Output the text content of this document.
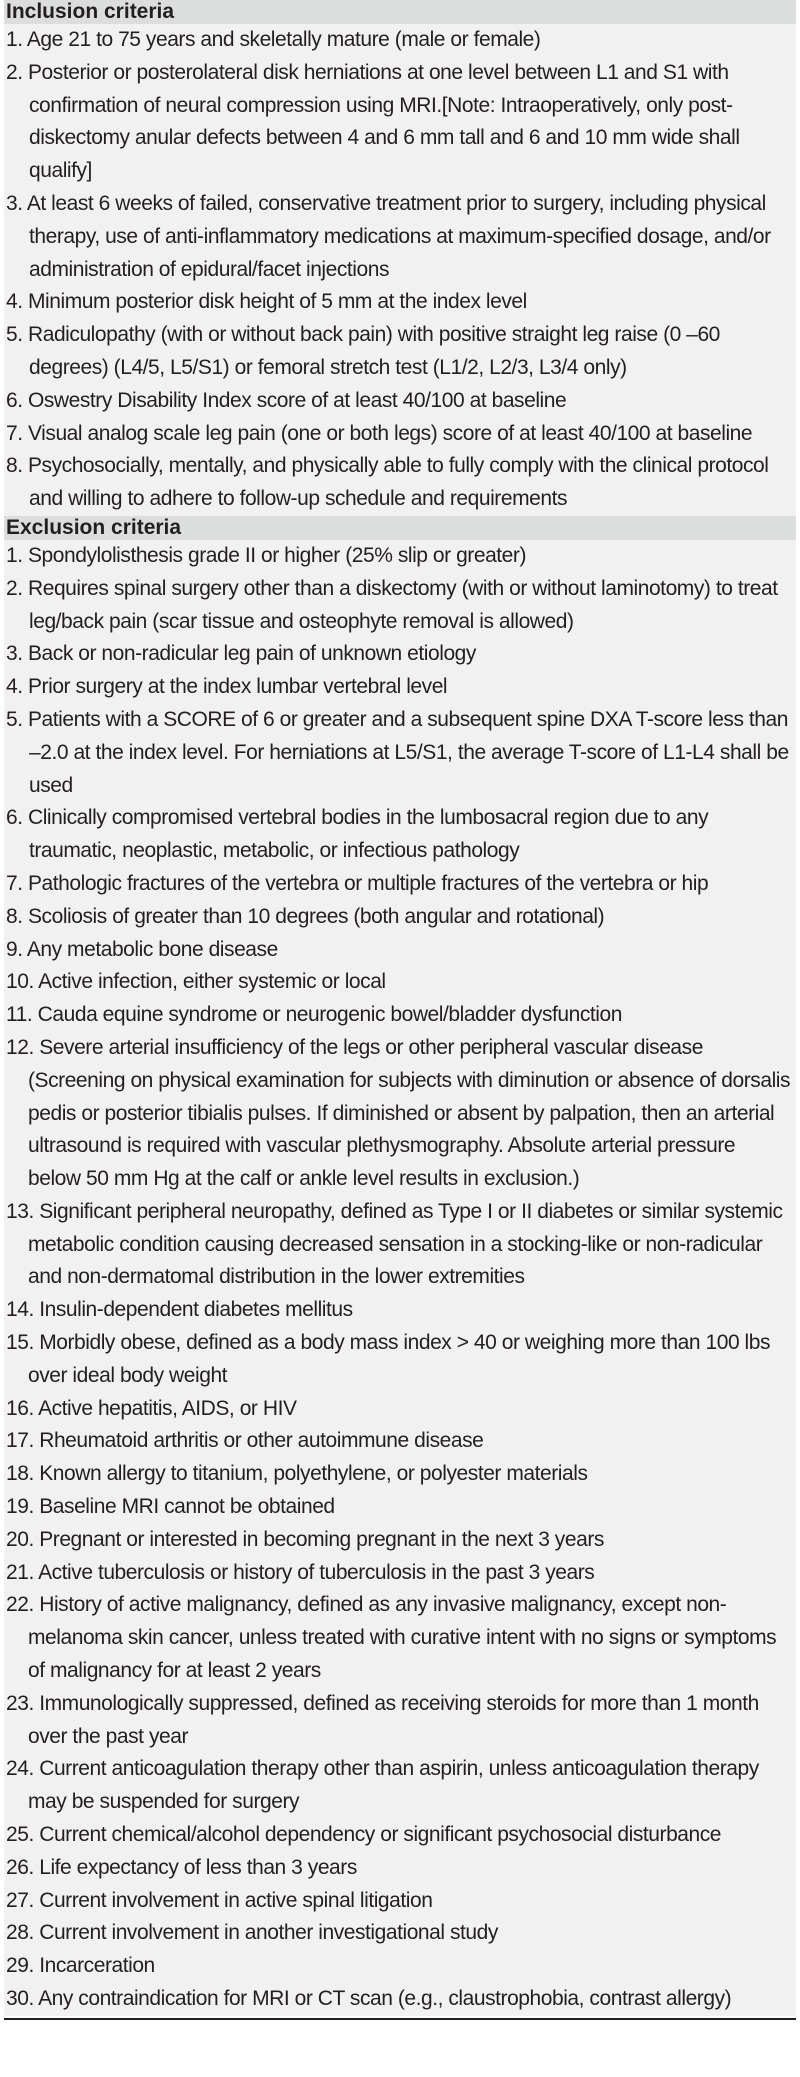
Inclusion criteria
1. Age 21 to 75 years and skeletally mature (male or female)
2. Posterior or posterolateral disk herniations at one level between L1 and S1 with confirmation of neural compression using MRI.[Note: Intraoperatively, only post-diskectomy anular defects between 4 and 6 mm tall and 6 and 10 mm wide shall qualify]
3. At least 6 weeks of failed, conservative treatment prior to surgery, including physical therapy, use of anti-inflammatory medications at maximum-specified dosage, and/or administration of epidural/facet injections
4. Minimum posterior disk height of 5 mm at the index level
5. Radiculopathy (with or without back pain) with positive straight leg raise (0 –60 degrees) (L4/5, L5/S1) or femoral stretch test (L1/2, L2/3, L3/4 only)
6. Oswestry Disability Index score of at least 40/100 at baseline
7. Visual analog scale leg pain (one or both legs) score of at least 40/100 at baseline
8. Psychosocially, mentally, and physically able to fully comply with the clinical protocol and willing to adhere to follow-up schedule and requirements
Exclusion criteria
1. Spondylolisthesis grade II or higher (25% slip or greater)
2. Requires spinal surgery other than a diskectomy (with or without laminotomy) to treat leg/back pain (scar tissue and osteophyte removal is allowed)
3. Back or non-radicular leg pain of unknown etiology
4. Prior surgery at the index lumbar vertebral level
5. Patients with a SCORE of 6 or greater and a subsequent spine DXA T-score less than –2.0 at the index level. For herniations at L5/S1, the average T-score of L1-L4 shall be used
6. Clinically compromised vertebral bodies in the lumbosacral region due to any traumatic, neoplastic, metabolic, or infectious pathology
7. Pathologic fractures of the vertebra or multiple fractures of the vertebra or hip
8. Scoliosis of greater than 10 degrees (both angular and rotational)
9. Any metabolic bone disease
10. Active infection, either systemic or local
11. Cauda equine syndrome or neurogenic bowel/bladder dysfunction
12. Severe arterial insufficiency of the legs or other peripheral vascular disease (Screening on physical examination for subjects with diminution or absence of dorsalis pedis or posterior tibialis pulses. If diminished or absent by palpation, then an arterial ultrasound is required with vascular plethysmography. Absolute arterial pressure below 50 mm Hg at the calf or ankle level results in exclusion.)
13. Significant peripheral neuropathy, defined as Type I or II diabetes or similar systemic metabolic condition causing decreased sensation in a stocking-like or non-radicular and non-dermatomal distribution in the lower extremities
14. Insulin-dependent diabetes mellitus
15. Morbidly obese, defined as a body mass index > 40 or weighing more than 100 lbs over ideal body weight
16. Active hepatitis, AIDS, or HIV
17. Rheumatoid arthritis or other autoimmune disease
18. Known allergy to titanium, polyethylene, or polyester materials
19. Baseline MRI cannot be obtained
20. Pregnant or interested in becoming pregnant in the next 3 years
21. Active tuberculosis or history of tuberculosis in the past 3 years
22. History of active malignancy, defined as any invasive malignancy, except non-melanoma skin cancer, unless treated with curative intent with no signs or symptoms of malignancy for at least 2 years
23. Immunologically suppressed, defined as receiving steroids for more than 1 month over the past year
24. Current anticoagulation therapy other than aspirin, unless anticoagulation therapy may be suspended for surgery
25. Current chemical/alcohol dependency or significant psychosocial disturbance
26. Life expectancy of less than 3 years
27. Current involvement in active spinal litigation
28. Current involvement in another investigational study
29. Incarceration
30. Any contraindication for MRI or CT scan (e.g., claustrophobia, contrast allergy)
